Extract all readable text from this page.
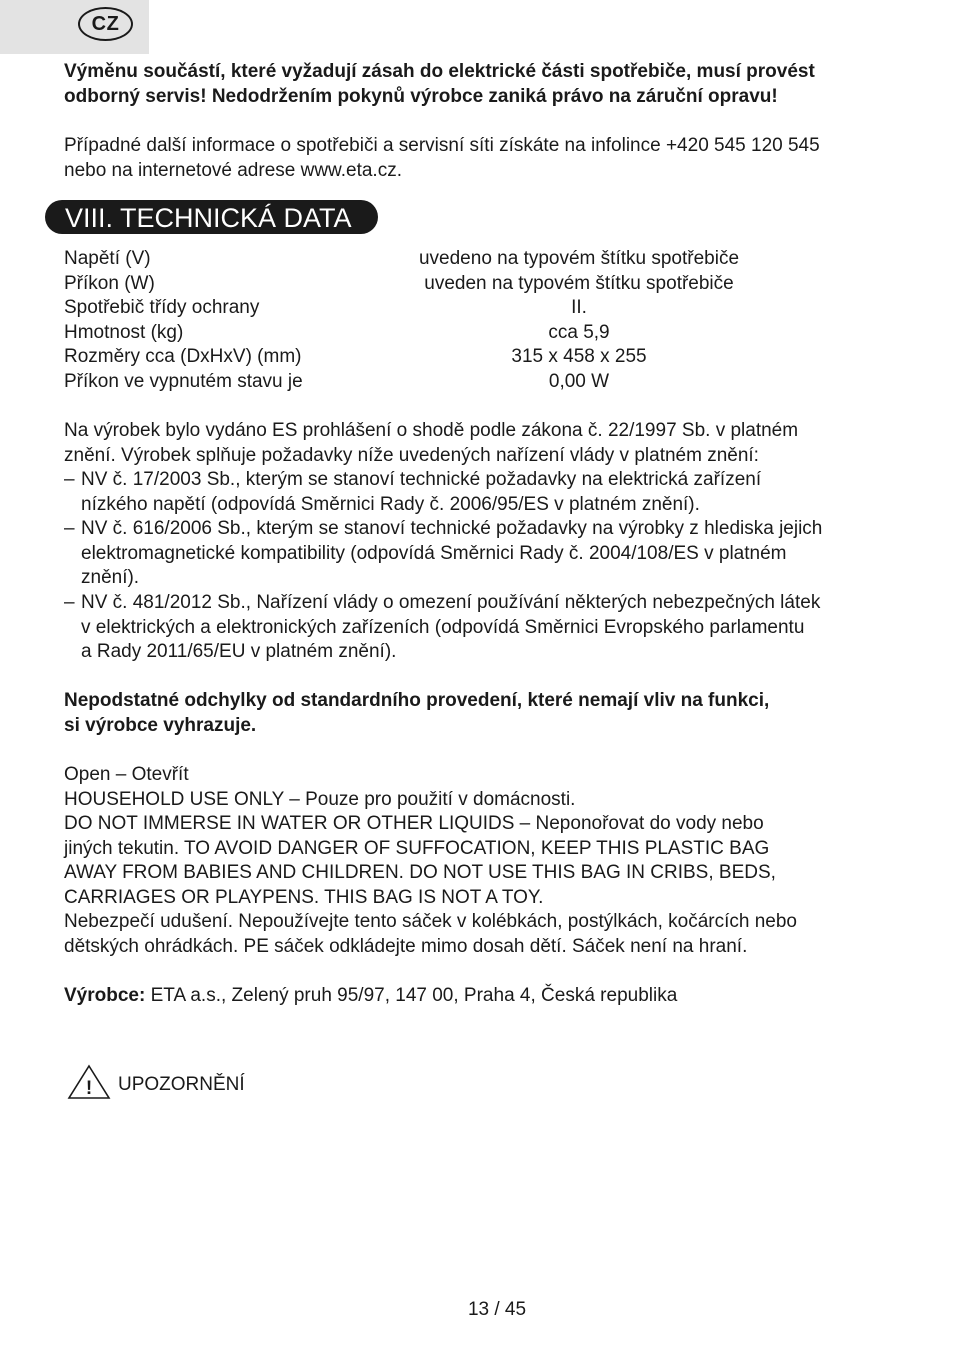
CZ
Výměnu součástí, které vyžadují zásah do elektrické části spotřebiče, musí provést
odborný servis! Nedodržením pokynů výrobce zaniká právo na záruční opravu!
Případné další informace o spotřebiči a servisní síti získáte na infolince +420 545 120 545
nebo na internetové adrese www.eta.cz.
VIII. TECHNICKÁ DATA
Napětí (V)	uvedeno na typovém štítku spotřebiče
Příkon (W)	uveden na typovém štítku spotřebiče
Spotřebič třídy ochrany	II.
Hmotnost (kg)	cca 5,9
Rozměry cca (DxHxV) (mm)	315 x 458 x 255
Příkon ve vypnutém stavu je	0,00 W
Na výrobek bylo vydáno ES prohlášení o shodě podle zákona č. 22/1997 Sb. v platném
znění. Výrobek splňuje požadavky níže uvedených nařízení vlády v platném znění:
– NV č. 17/2003 Sb., kterým se stanoví technické požadavky na elektrická zařízení
nízkého napětí (odpovídá Směrnici Rady č. 2006/95/ES v platném znění).
– NV č. 616/2006 Sb., kterým se stanoví technické požadavky na výrobky z hlediska jejich
elektromagnetické kompatibility (odpovídá Směrnici Rady č. 2004/108/ES v platném
znění).
– NV č. 481/2012 Sb., Nařízení vlády o omezení používání některých nebezpečných látek
v elektrických a elektronických zařízeních (odpovídá Směrnici Evropského parlamentu
a Rady 2011/65/EU v platném znění).
Nepodstatné odchylky od standardního provedení, které nemají vliv na funkci,
si výrobce vyhrazuje.
Open – Otevřít
HOUSEHOLD USE ONLY – Pouze pro použití v domácnosti.
DO NOT IMMERSE IN WATER OR OTHER LIQUIDS – Neponořovat do vody nebo
jiných tekutin. TO AVOID DANGER OF SUFFOCATION, KEEP THIS PLASTIC BAG
AWAY FROM BABIES AND CHILDREN. DO NOT USE THIS BAG IN CRIBS, BEDS,
CARRIAGES OR PLAYPENS. THIS BAG IS NOT A TOY.
Nebezpečí udušení. Nepoužívejte tento sáček v kolébkách, postýlkách, kočárcích nebo
dětských ohrádkách. PE sáček odkládejte mimo dosah dětí. Sáček není na hraní.
Výrobce: ETA a.s., Zelený pruh 95/97, 147 00, Praha 4, Česká republika
! UPOZORNĚNÍ
13 / 45
